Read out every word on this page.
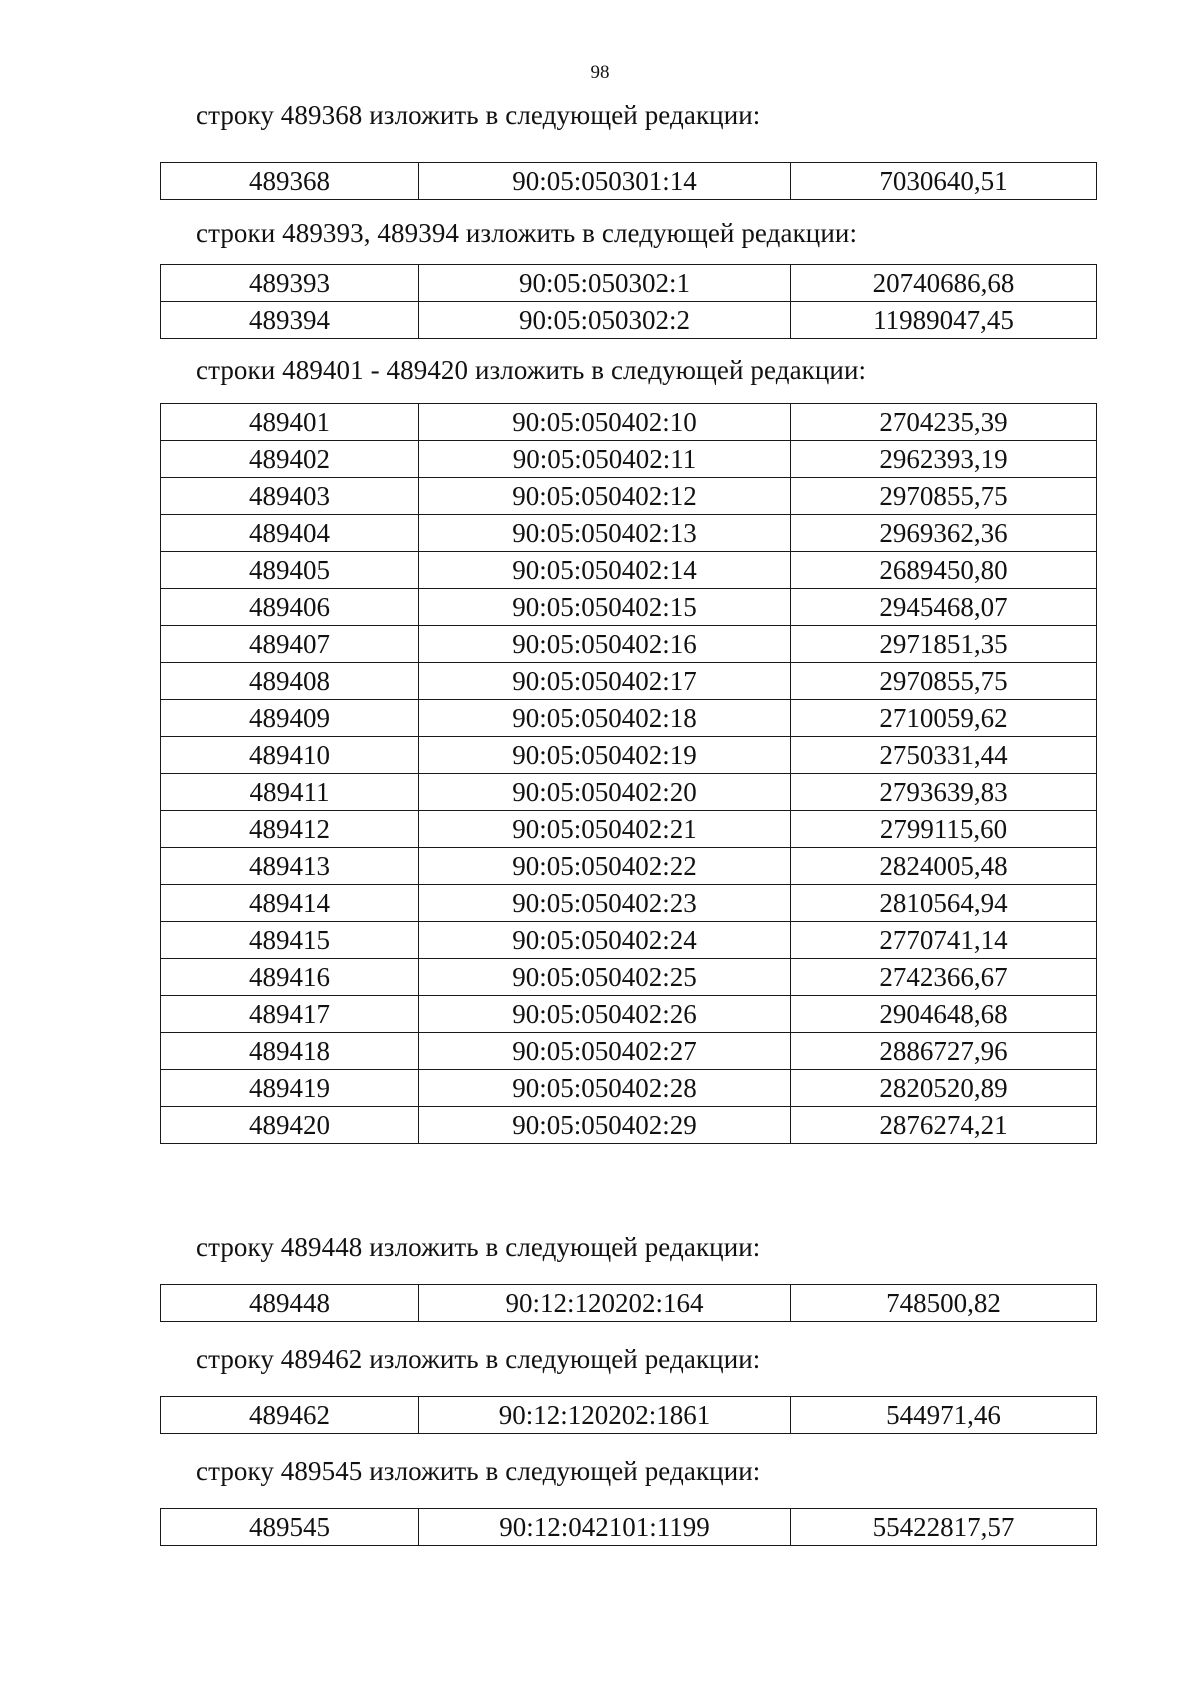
98
строку 489368 изложить в следующей редакции:
489368	90:05:050301:14	7030640,51
строки 489393, 489394 изложить в следующей редакции:
489393	90:05:050302:1	20740686,68
489394	90:05:050302:2	11989047,45
строки 489401 - 489420 изложить в следующей редакции:
489401	90:05:050402:10	2704235,39
489402	90:05:050402:11	2962393,19
489403	90:05:050402:12	2970855,75
489404	90:05:050402:13	2969362,36
489405	90:05:050402:14	2689450,80
489406	90:05:050402:15	2945468,07
489407	90:05:050402:16	2971851,35
489408	90:05:050402:17	2970855,75
489409	90:05:050402:18	2710059,62
489410	90:05:050402:19	2750331,44
489411	90:05:050402:20	2793639,83
489412	90:05:050402:21	2799115,60
489413	90:05:050402:22	2824005,48
489414	90:05:050402:23	2810564,94
489415	90:05:050402:24	2770741,14
489416	90:05:050402:25	2742366,67
489417	90:05:050402:26	2904648,68
489418	90:05:050402:27	2886727,96
489419	90:05:050402:28	2820520,89
489420	90:05:050402:29	2876274,21
строку 489448 изложить в следующей редакции:
489448	90:12:120202:164	748500,82
строку 489462 изложить в следующей редакции:
489462	90:12:120202:1861	544971,46
строку 489545 изложить в следующей редакции:
489545	90:12:042101:1199	55422817,57
